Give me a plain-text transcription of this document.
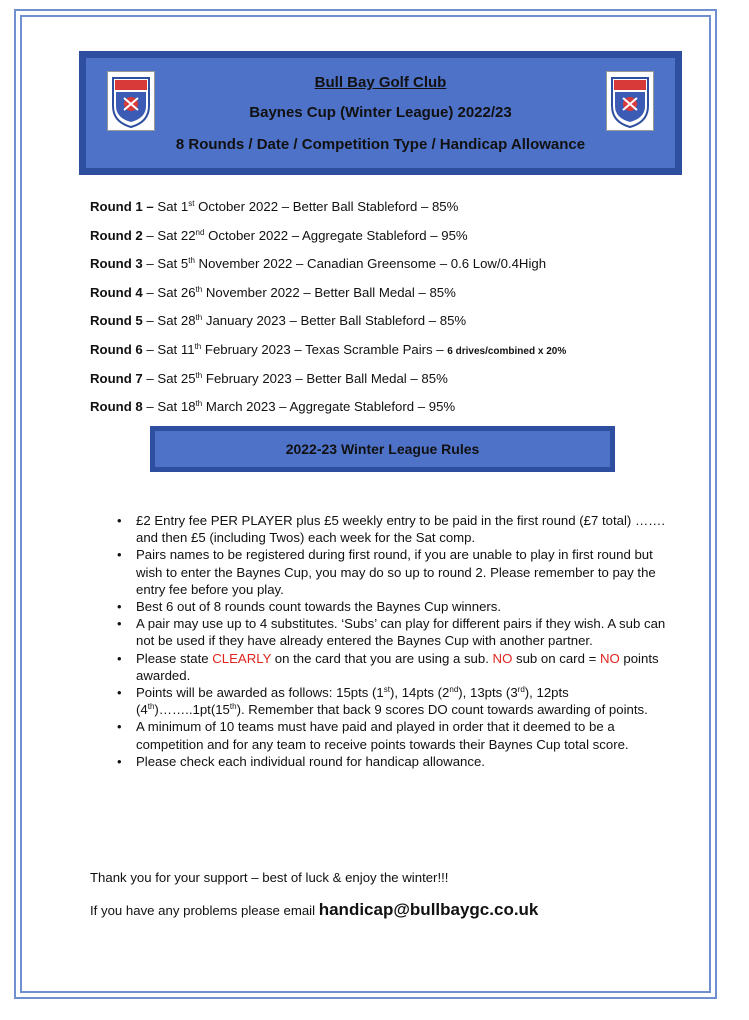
Bull Bay Golf Club
Baynes Cup (Winter League) 2022/23
8 Rounds / Date / Competition Type / Handicap Allowance
Round 1 – Sat 1st October 2022 – Better Ball Stableford – 85%
Round 2 – Sat 22nd October 2022 – Aggregate Stableford – 95%
Round 3 – Sat 5th November 2022 – Canadian Greensome – 0.6 Low/0.4High
Round 4 – Sat 26th November 2022 – Better Ball Medal – 85%
Round 5 – Sat 28th January 2023 – Better Ball Stableford – 85%
Round 6 – Sat 11th February 2023 – Texas Scramble Pairs – 6 drives/combined x 20%
Round 7 – Sat 25th February 2023 – Better Ball Medal – 85%
Round 8 – Sat 18th March 2023 – Aggregate Stableford – 95%
2022-23 Winter League Rules
• £2 Entry fee PER PLAYER plus £5 weekly entry to be paid in the first round (£7 total) ……. and then £5 (including Twos) each week for the Sat comp.
• Pairs names to be registered during first round, if you are unable to play in first round but wish to enter the Baynes Cup, you may do so up to round 2. Please remember to pay the entry fee before you play.
• Best 6 out of 8 rounds count towards the Baynes Cup winners.
• A pair may use up to 4 substitutes. ‘Subs’ can play for different pairs if they wish. A sub can not be used if they have already entered the Baynes Cup with another partner.
• Please state CLEARLY on the card that you are using a sub. NO sub on card = NO points awarded.
• Points will be awarded as follows: 15pts (1st), 14pts (2nd), 13pts (3rd), 12pts (4th)……..1pt(15th). Remember that back 9 scores DO count towards awarding of points.
• A minimum of 10 teams must have paid and played in order that it deemed to be a competition and for any team to receive points towards their Baynes Cup total score.
• Please check each individual round for handicap allowance.
Thank you for your support – best of luck & enjoy the winter!!!
If you have any problems please email handicap@bullbaygc.co.uk
